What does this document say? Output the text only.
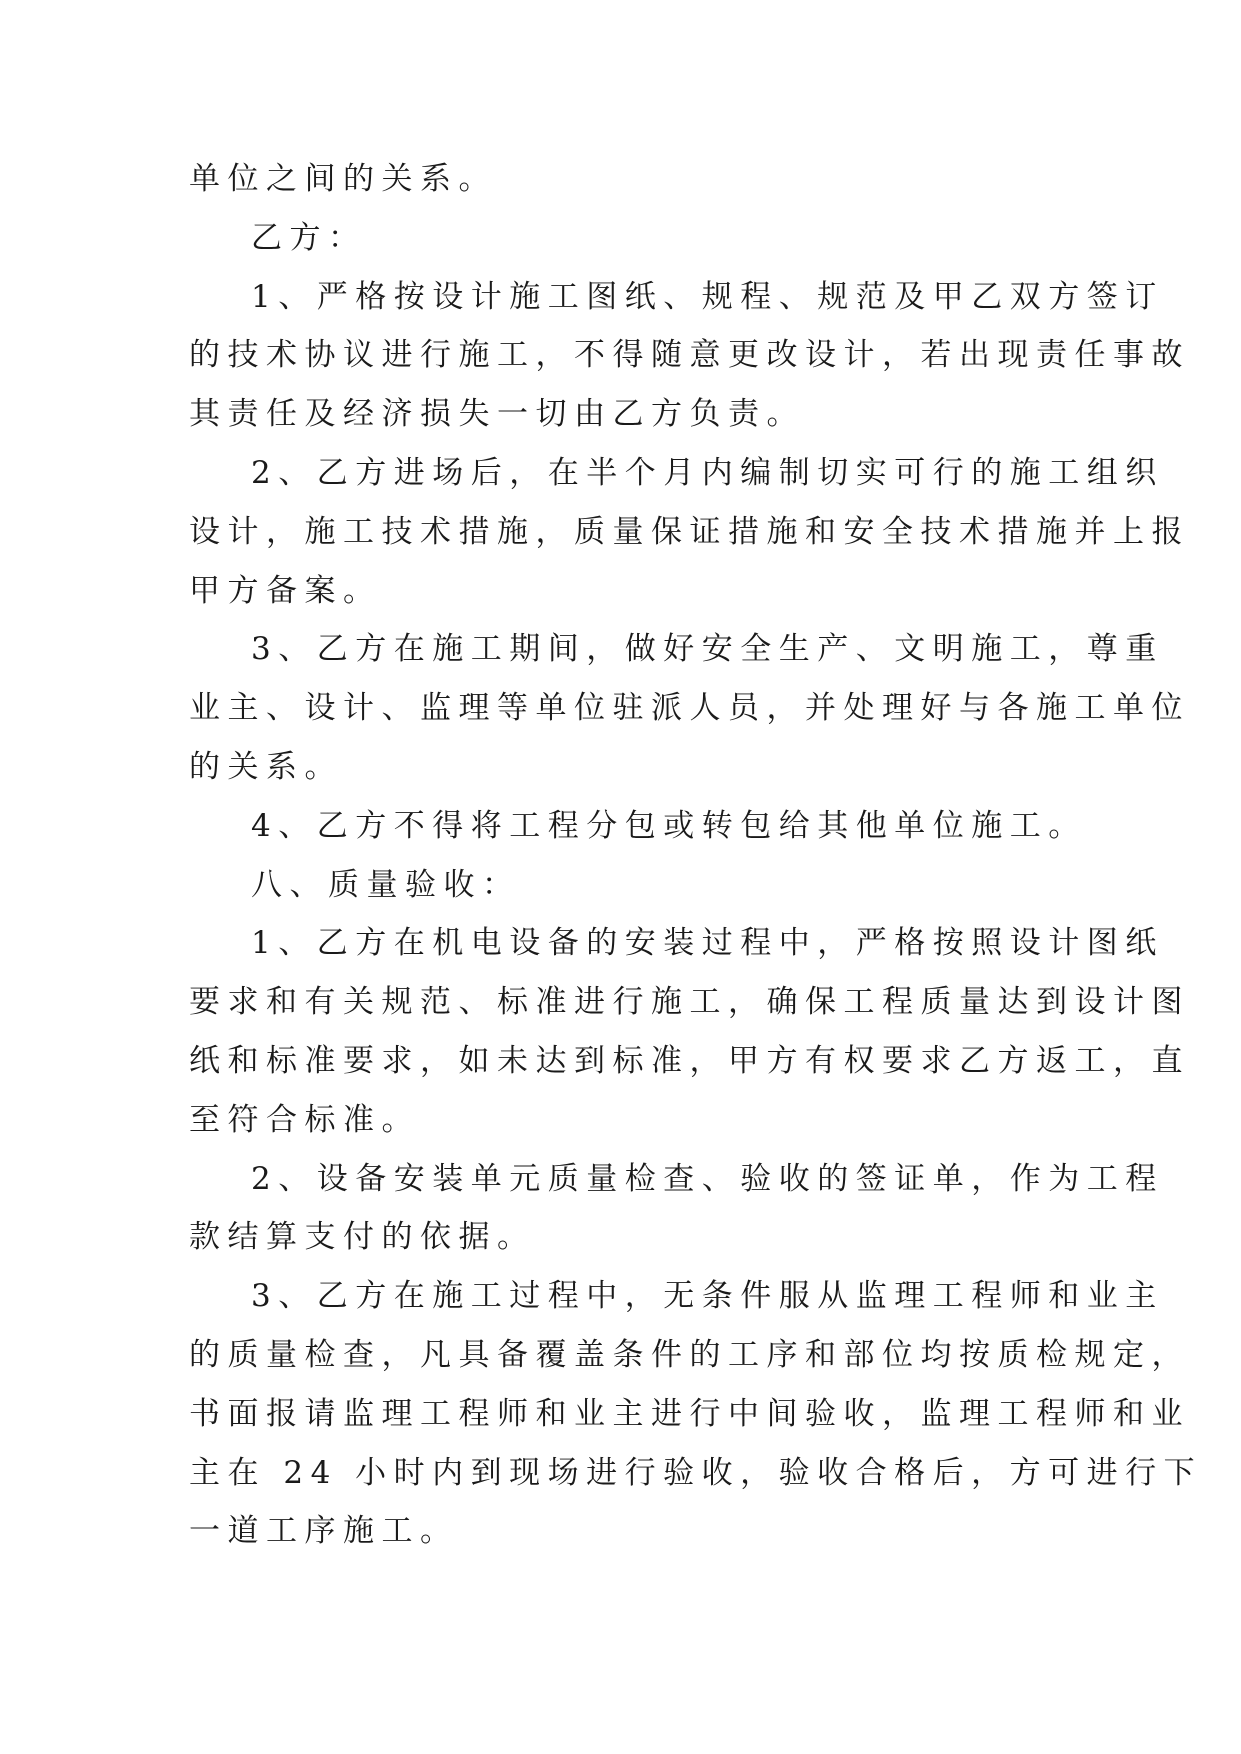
单位之间的关系。
乙方：
1、严格按设计施工图纸、规程、规范及甲乙双方签订
的技术协议进行施工，不得随意更改设计，若出现责任事故
其责任及经济损失一切由乙方负责。
2、乙方进场后，在半个月内编制切实可行的施工组织
设计，施工技术措施，质量保证措施和安全技术措施并上报
甲方备案。
3、乙方在施工期间，做好安全生产、文明施工，尊重
业主、设计、监理等单位驻派人员，并处理好与各施工单位
的关系。
4、乙方不得将工程分包或转包给其他单位施工。
八、质量验收：
1、乙方在机电设备的安装过程中，严格按照设计图纸
要求和有关规范、标准进行施工，确保工程质量达到设计图
纸和标准要求，如未达到标准，甲方有权要求乙方返工，直
至符合标准。
2、设备安装单元质量检查、验收的签证单，作为工程
款结算支付的依据。
3、乙方在施工过程中，无条件服从监理工程师和业主
的质量检查，凡具备覆盖条件的工序和部位均按质检规定，
书面报请监理工程师和业主进行中间验收，监理工程师和业
主在 24 小时内到现场进行验收，验收合格后，方可进行下
一道工序施工。
